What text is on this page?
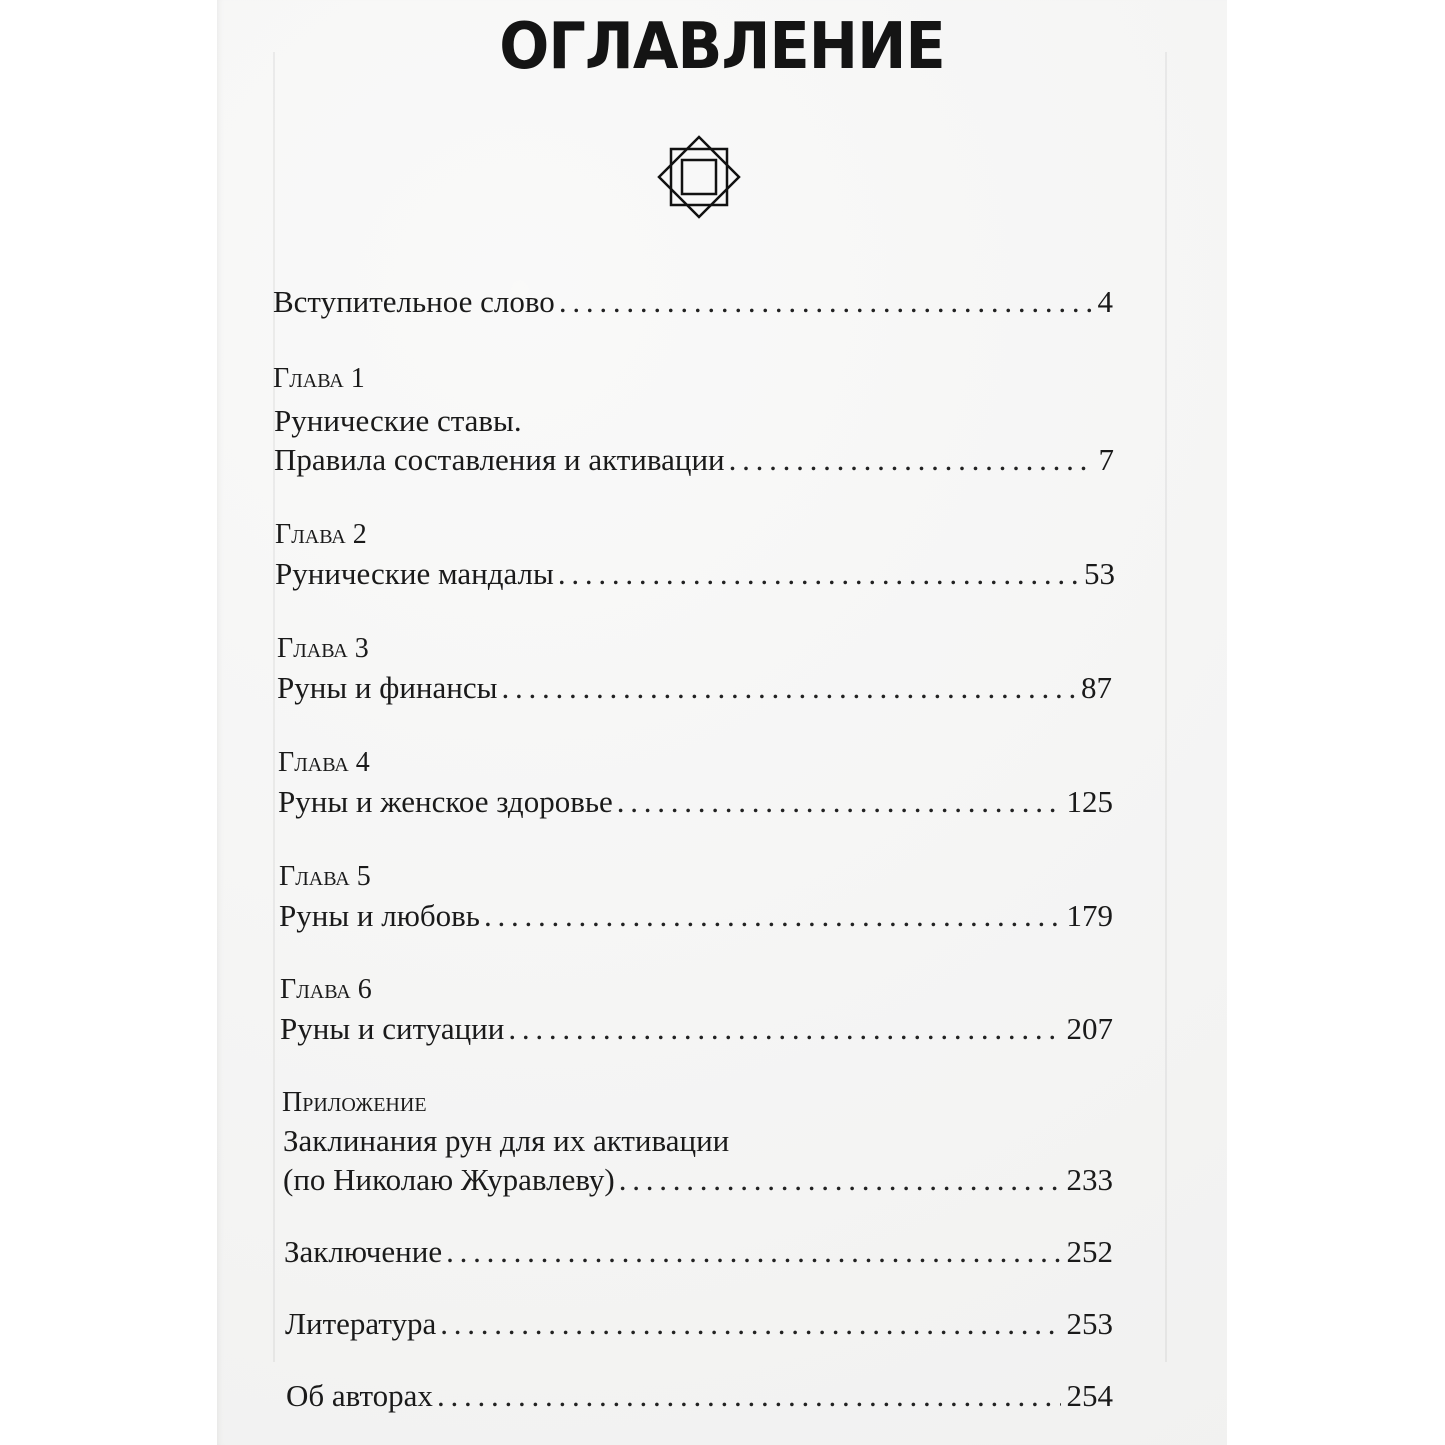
ОГЛАВЛЕНИЕ
Вступительное слово . . .	4
Глава 1
Рунические ставы.
Правила составления и активации . . .	7
Глава 2
Рунические мандалы . . .	53
Глава 3
Руны и финансы . . .	87
Глава 4
Руны и женское здоровье . . .	125
Глава 5
Руны и любовь . . .	179
Глава 6
Руны и ситуации . . .	207
Приложение
Заклинания рун для их активации
(по Николаю Журавлеву) . . .	233
Заключение . . .	252
Литература . . .	253
Об авторах . . .	254
